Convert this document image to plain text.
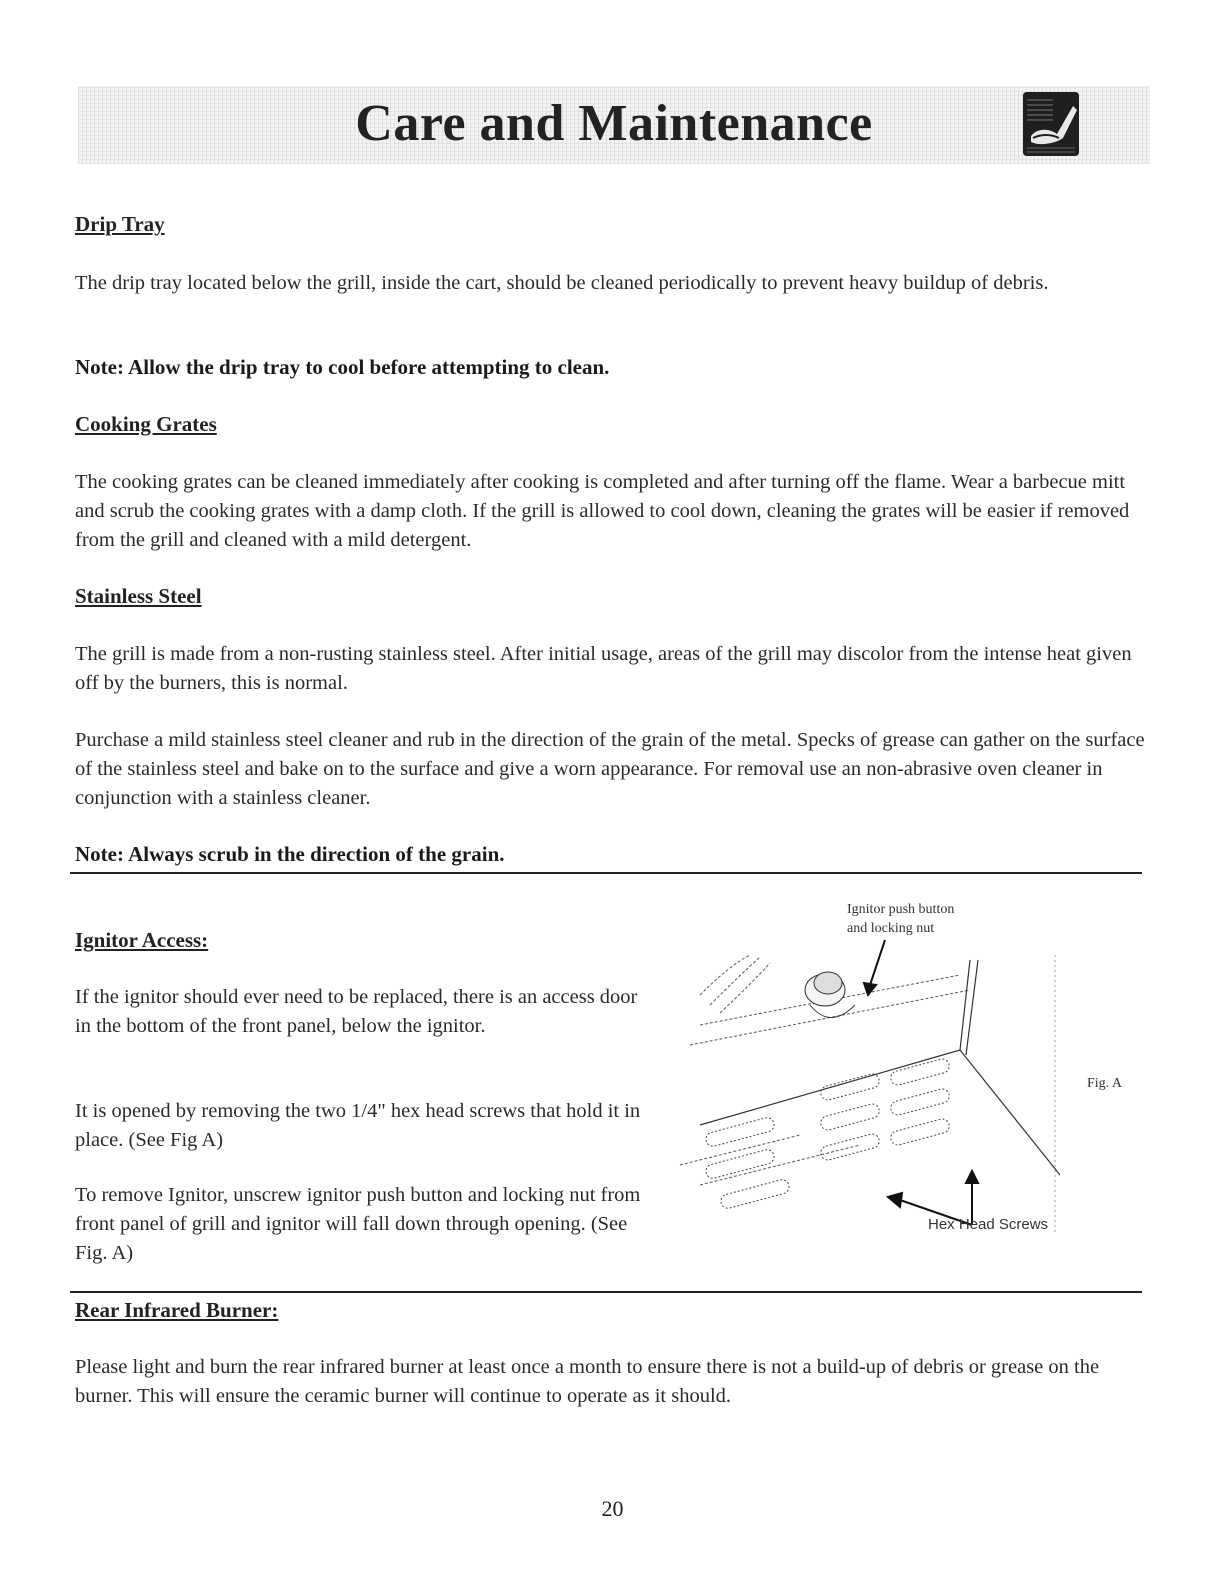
Care and Maintenance
Drip Tray

The drip tray located below the grill, inside the cart, should be cleaned periodically to prevent heavy buildup of debris.

Note: Allow the drip tray to cool before attempting to clean.
Cooking Grates

The cooking grates can be cleaned immediately after cooking is completed and after turning off the flame. Wear a barbecue mitt and scrub the cooking grates with a damp cloth. If the grill is allowed to cool down, cleaning the grates will be easier if removed from the grill and cleaned with a mild detergent.

Stainless Steel

The grill is made from a non-rusting stainless steel. After initial usage, areas of the grill may discolor from the intense heat given off by the burners, this is normal.

Purchase a mild stainless steel cleaner and rub in the direction of the grain of the metal. Specks of grease can gather on the surface of the stainless steel and bake on to the surface and give a worn appearance. For removal use an non-abrasive oven cleaner in conjunction with a stainless cleaner.

Note: Always scrub in the direction of the grain.
Ignitor Access:

If the ignitor should ever need to be replaced, there is an access door in the bottom of the front panel, below the ignitor.

It is opened by removing the two 1/4" hex head screws that hold it in place. (See Fig A)

To remove Ignitor, unscrew ignitor push button and locking nut from front panel of grill and ignitor will fall down through opening. (See Fig. A)

Ignitor push button
and locking nut
Hex Head Screws
Fig. A
Rear Infrared Burner:

Please light and burn the rear infrared burner at least once a month to ensure there is not a build-up of debris or grease on the burner. This will ensure the ceramic burner will continue to operate as it should.

20
